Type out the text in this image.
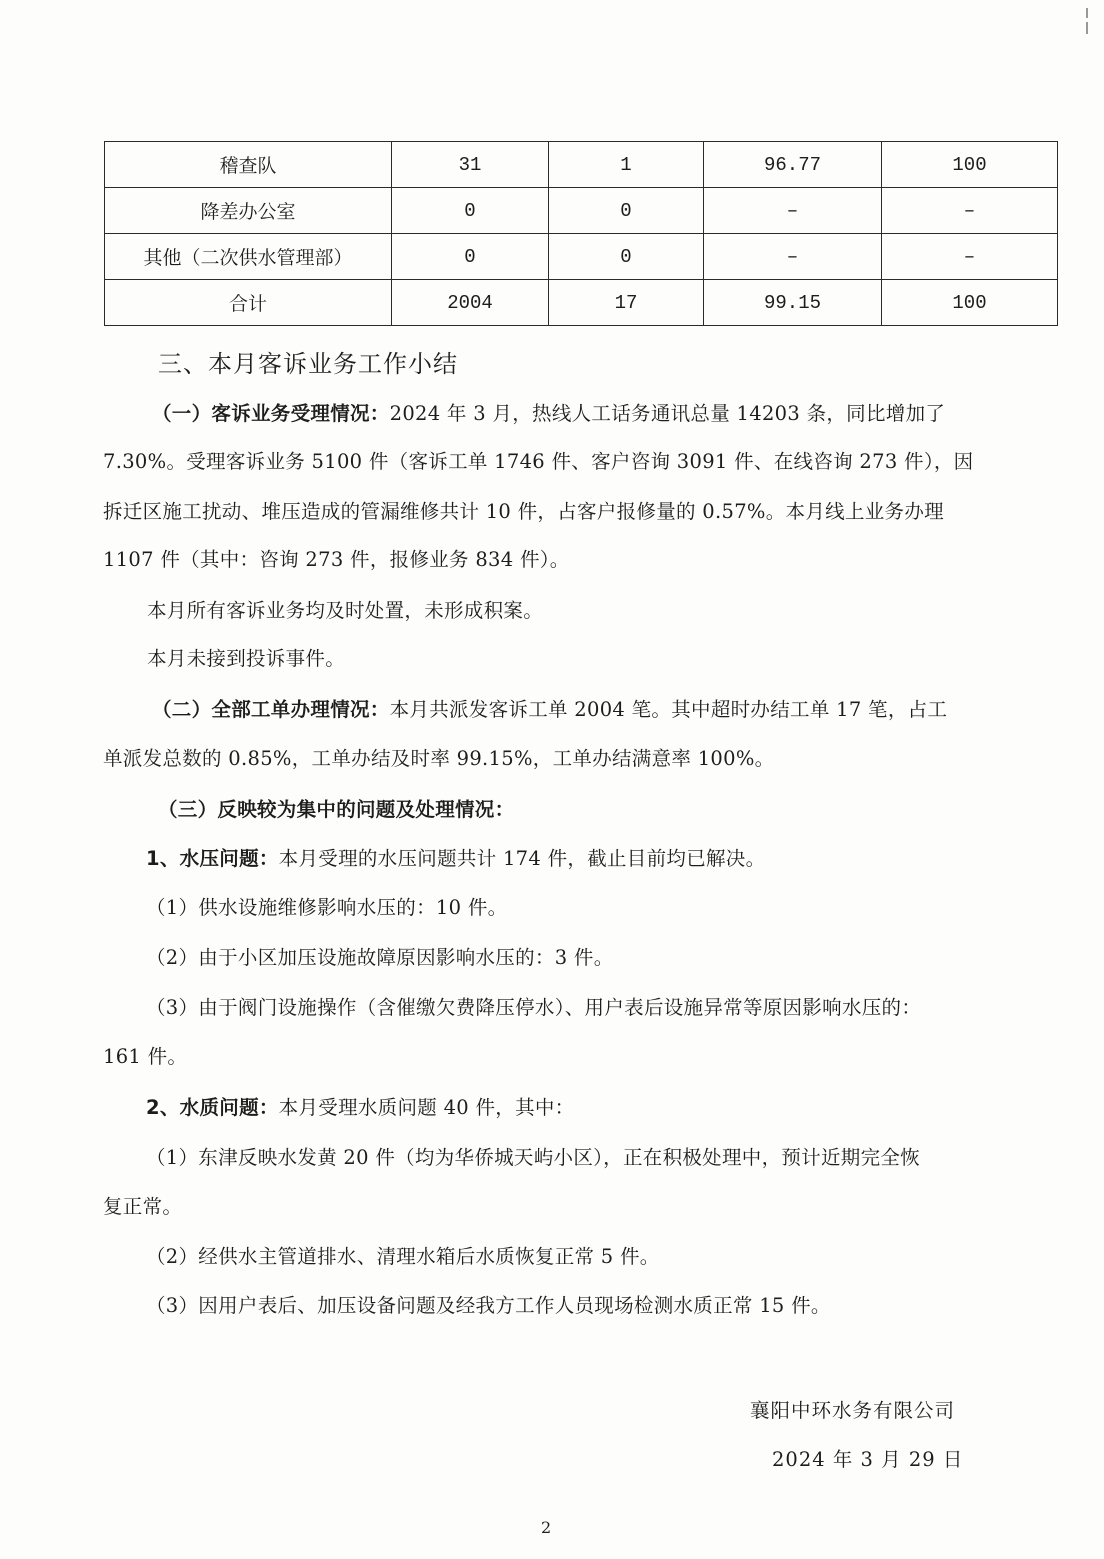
稽查队	31	1	96.77	100
降差办公室	0	0	–	–
其他（二次供水管理部）	0	0	–	–
合计	2004	17	99.15	100
三、本月客诉业务工作小结
（一）客诉业务受理情况：2024 年 3 月，热线人工话务通讯总量 14203 条，同比增加了
7.30%。受理客诉业务 5100 件（客诉工单 1746 件、客户咨询 3091 件、在线咨询 273 件），因
拆迁区施工扰动、堆压造成的管漏维修共计 10 件，占客户报修量的 0.57%。本月线上业务办理
1107 件（其中：咨询 273 件，报修业务 834 件）。
本月所有客诉业务均及时处置，未形成积案。
本月未接到投诉事件。
（二）全部工单办理情况：本月共派发客诉工单 2004 笔。其中超时办结工单 17 笔，占工
单派发总数的 0.85%，工单办结及时率 99.15%，工单办结满意率 100%。
（三）反映较为集中的问题及处理情况：
1、水压问题：本月受理的水压问题共计 174 件，截止目前均已解决。
（1）供水设施维修影响水压的：10 件。
（2）由于小区加压设施故障原因影响水压的：3 件。
（3）由于阀门设施操作（含催缴欠费降压停水）、用户表后设施异常等原因影响水压的：
161 件。
2、水质问题：本月受理水质问题 40 件，其中：
（1）东津反映水发黄 20 件（均为华侨城天屿小区），正在积极处理中，预计近期完全恢
复正常。
（2）经供水主管道排水、清理水箱后水质恢复正常 5 件。
（3）因用户表后、加压设备问题及经我方工作人员现场检测水质正常 15 件。
襄阳中环水务有限公司
2024 年 3 月 29 日
2
